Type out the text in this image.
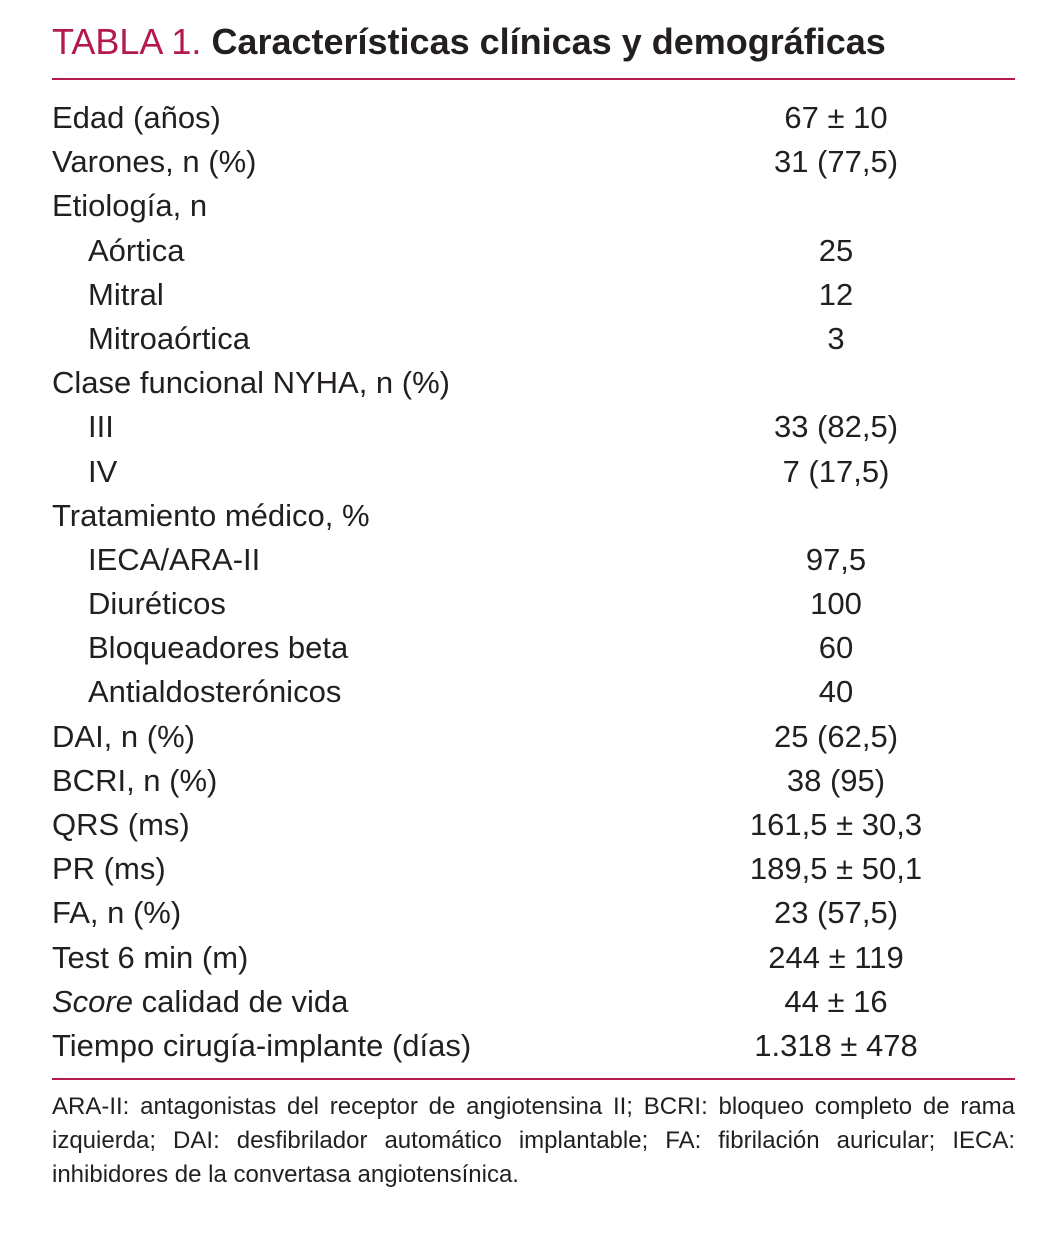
TABLA 1. Características clínicas y demográficas
Edad (años)	67 ± 10
Varones, n (%)	31 (77,5)
Etiología, n
Aórtica	25
Mitral	12
Mitroaórtica	3
Clase funcional NYHA, n (%)
III	33 (82,5)
IV	7 (17,5)
Tratamiento médico, %
IECA/ARA-II	97,5
Diuréticos	100
Bloqueadores beta	60
Antialdosterónicos	40
DAI, n (%)	25 (62,5)
BCRI, n (%)	38 (95)
QRS (ms)	161,5 ± 30,3
PR (ms)	189,5 ± 50,1
FA, n (%)	23 (57,5)
Test 6 min (m)	244 ± 119
Score calidad de vida	44 ± 16
Tiempo cirugía-implante (días)	1.318 ± 478
ARA-II: antagonistas del receptor de angiotensina II; BCRI: bloqueo completo de rama izquierda; DAI: desfibrilador automático implantable; FA: fibrilación auricular; IECA: inhibidores de la convertasa angiotensínica.
